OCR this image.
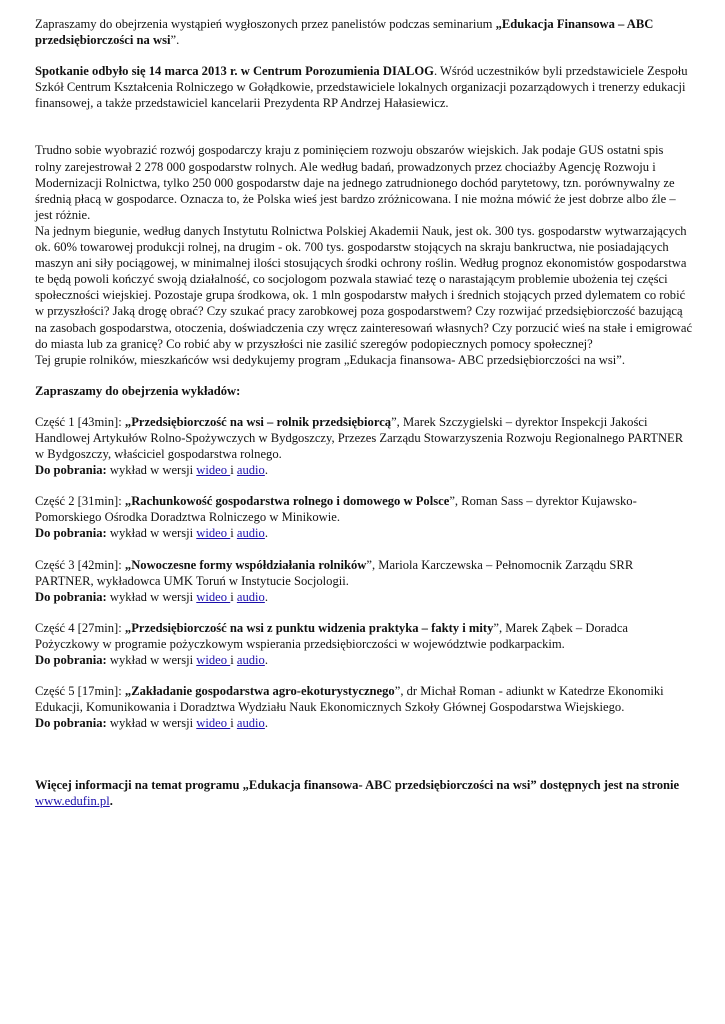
Zapraszamy do obejrzenia wystąpień wygłoszonych przez panelistów podczas seminarium „Edukacja Finansowa – ABC przedsiębiorczości na wsi”.

Spotkanie odbyło się 14 marca 2013 r. w Centrum Porozumienia DIALOG. Wśród uczestników byli przedstawiciele Zespołu Szkół Centrum Kształcenia Rolniczego w Gołądkowie, przedstawiciele lokalnych organizacji pozarządowych i trenerzy edukacji finansowej, a także przedstawiciel kancelarii Prezydenta RP Andrzej Hałasiewicz.

Trudno sobie wyobrazić rozwój gospodarczy kraju z pominięciem rozwoju obszarów wiejskich. Jak podaje GUS ostatni spis rolny zarejestrował 2 278 000 gospodarstw rolnych. Ale według badań, prowadzonych przez chociażby Agencję Rozwoju i Modernizacji Rolnictwa, tylko 250 000 gospodarstw daje na jednego zatrudnionego dochód parytetowy, tzn. porównywalny ze średnią płacą w gospodarce. Oznacza to, że Polska wieś jest bardzo zróżnicowana. I nie można mówić że jest dobrze albo źle – jest różnie.

Na jednym biegunie, według danych Instytutu Rolnictwa Polskiej Akademii Nauk, jest ok. 300 tys. gospodarstw wytwarzających ok. 60% towarowej produkcji rolnej, na drugim - ok. 700 tys. gospodarstw stojących na skraju bankructwa, nie posiadających maszyn ani siły pociągowej, w minimalnej ilości stosujących środki ochrony roślin. Według prognoz ekonomistów gospodarstwa te będą powoli kończyć swoją działalność, co socjologom pozwala stawiać tezę o narastającym problemie ubożenia tej części społeczności wiejskiej. Pozostaje grupa środkowa, ok. 1 mln gospodarstw małych i średnich stojących przed dylematem co robić w przyszłości? Jaką drogę obrać? Czy szukać pracy zarobkowej poza gospodarstwem? Czy rozwijać przedsiębiorczość bazującą na zasobach gospodarstwa, otoczenia, doświadczenia czy wręcz zainteresowań własnych? Czy porzucić wieś na stałe i emigrować do miasta lub za granicę? Co robić aby w przyszłości nie zasilić szeregów podopiecznych pomocy społecznej?

Tej grupie rolników, mieszkańców wsi dedykujemy program „Edukacja finansowa- ABC przedsiębiorczości na wsi”.

Zapraszamy do obejrzenia wykładów:

Część 1 [43min]: „Przedsiębiorczość na wsi – rolnik przedsiębiorcą”, Marek Szczygielski – dyrektor Inspekcji Jakości Handlowej Artykułów Rolno-Spożywczych w Bydgoszczy, Przezes Zarządu Stowarzyszenia Rozwoju Regionalnego PARTNER w Bydgoszczy, właściciel gospodarstwa rolnego.

Do pobrania: wykład w wersji wideo i audio.

Część 2 [31min]: „Rachunkowość gospodarstwa rolnego i domowego w Polsce”, Roman Sass – dyrektor Kujawsko-Pomorskiego Ośrodka Doradztwa Rolniczego w Minikowie.

Do pobrania: wykład w wersji wideo i audio.

Część 3 [42min]: „Nowoczesne formy współdziałania rolników”, Mariola Karczewska – Pełnomocnik Zarządu SRR PARTNER, wykładowca UMK Toruń w Instytucie Socjologii.

Do pobrania: wykład w wersji wideo i audio.

Część 4 [27min]: „Przedsiębiorczość na wsi z punktu widzenia praktyka – fakty i mity”, Marek Ząbek – Doradca Pożyczkowy w programie pożyczkowym wspierania przedsiębiorczości w województwie podkarpackim.

Do pobrania: wykład w wersji wideo i audio.

Część 5 [17min]: „Zakładanie gospodarstwa agro-ekoturystycznego”, dr Michał Roman - adiunkt w Katedrze Ekonomiki Edukacji, Komunikowania i Doradztwa Wydziału Nauk Ekonomicznych Szkoły Głównej Gospodarstwa Wiejskiego.

Do pobrania: wykład w wersji wideo i audio.

Więcej informacji na temat programu „Edukacja finansowa- ABC przedsiębiorczości na wsi” dostępnych jest na stronie www.edufin.pl.
